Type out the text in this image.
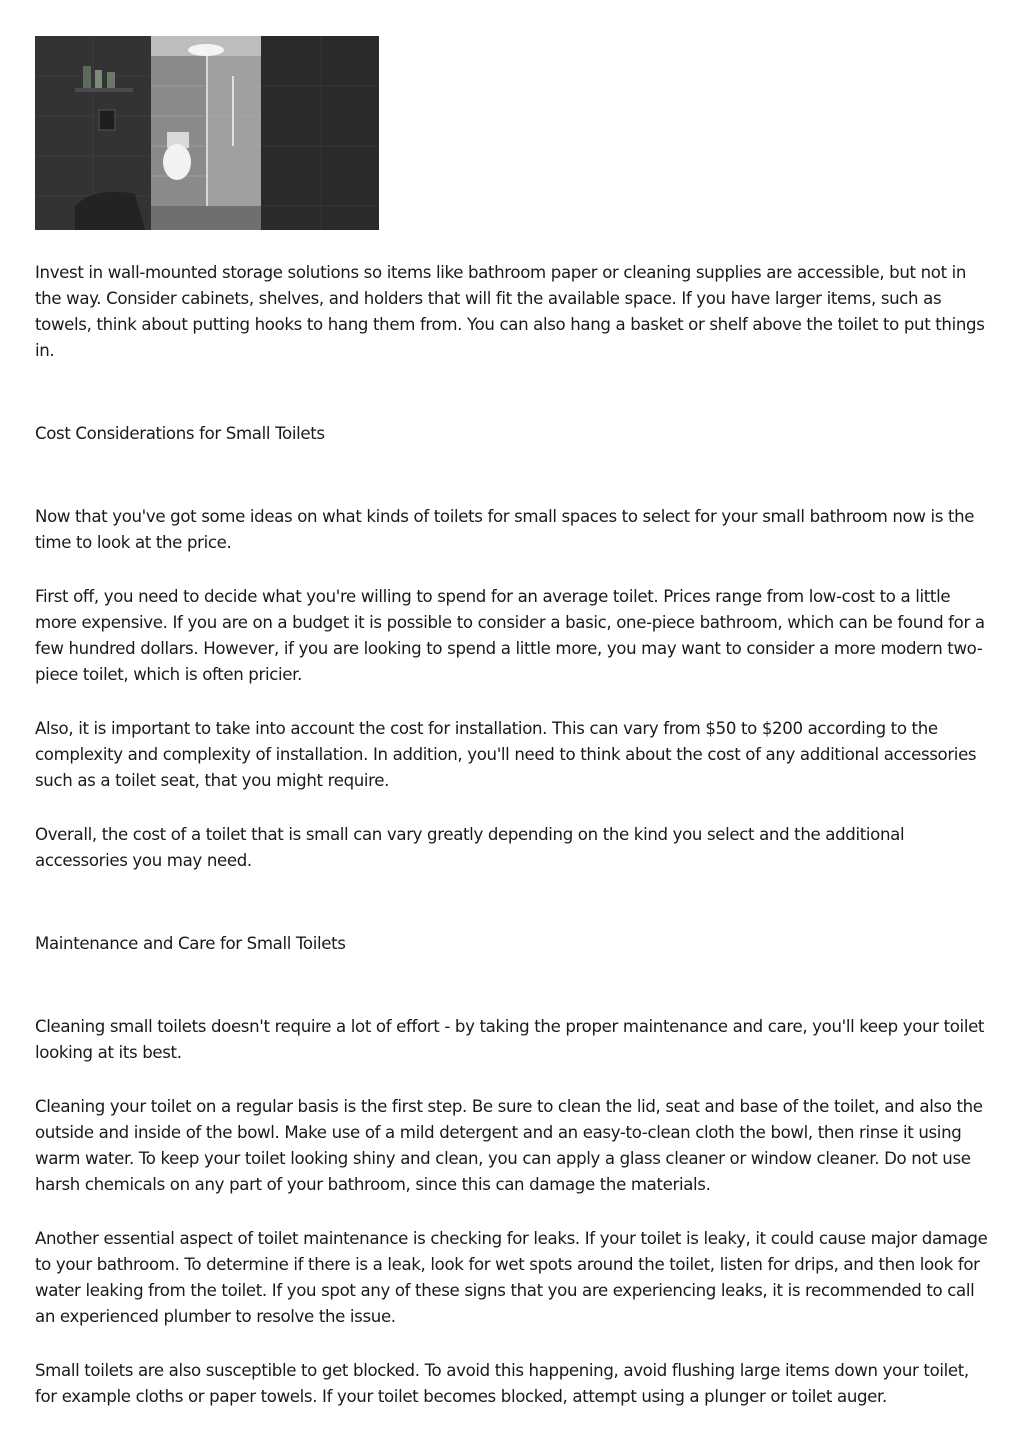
Invest in wall-mounted storage solutions so items like bathroom paper or cleaning supplies are accessible, but not in the way. Consider cabinets, shelves, and holders that will fit the available space. If you have larger items, such as towels, think about putting hooks to hang them from. You can also hang a basket or shelf above the toilet to put things in.

Cost Considerations for Small Toilets

Now that you've got some ideas on what kinds of toilets for small spaces to select for your small bathroom now is the time to look at the price.

First off, you need to decide what you're willing to spend for an average toilet. Prices range from low-cost to a little more expensive. If you are on a budget it is possible to consider a basic, one-piece bathroom, which can be found for a few hundred dollars. However, if you are looking to spend a little more, you may want to consider a more modern two-piece toilet, which is often pricier.

Also, it is important to take into account the cost for installation. This can vary from $50 to $200 according to the complexity and complexity of installation. In addition, you'll need to think about the cost of any additional accessories such as a toilet seat, that you might require.

Overall, the cost of a toilet that is small can vary greatly depending on the kind you select and the additional accessories you may need.

Maintenance and Care for Small Toilets

Cleaning small toilets doesn't require a lot of effort - by taking the proper maintenance and care, you'll keep your toilet looking at its best.

Cleaning your toilet on a regular basis is the first step. Be sure to clean the lid, seat and base of the toilet, and also the outside and inside of the bowl. Make use of a mild detergent and an easy-to-clean cloth the bowl, then rinse it using warm water. To keep your toilet looking shiny and clean, you can apply a glass cleaner or window cleaner. Do not use harsh chemicals on any part of your bathroom, since this can damage the materials.

Another essential aspect of toilet maintenance is checking for leaks. If your toilet is leaky, it could cause major damage to your bathroom. To determine if there is a leak, look for wet spots around the toilet, listen for drips, and then look for water leaking from the toilet. If you spot any of these signs that you are experiencing leaks, it is recommended to call an experienced plumber to resolve the issue.

Small toilets are also susceptible to get blocked. To avoid this happening, avoid flushing large items down your toilet, for example cloths or paper towels. If your toilet becomes blocked, attempt using a plunger or toilet auger.
